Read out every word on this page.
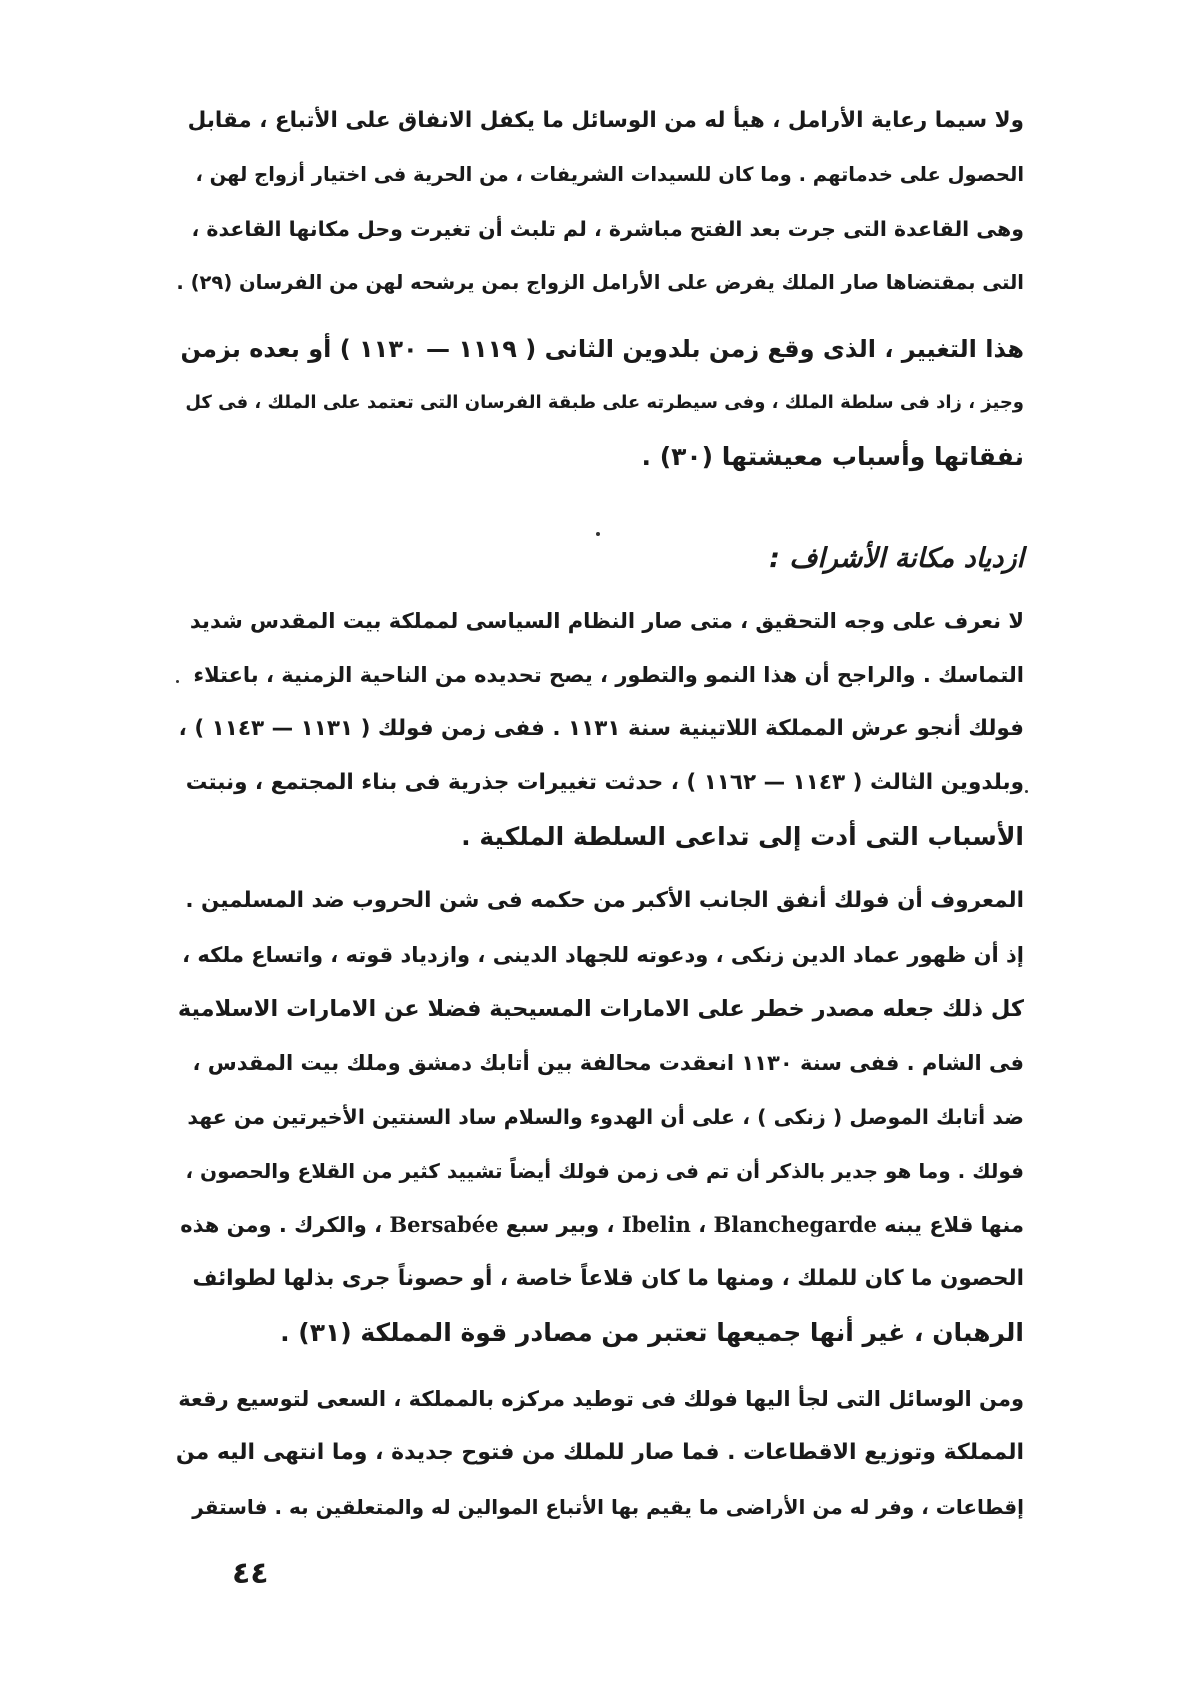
ولا سيما رعاية الأرامل ، هيأ له من الوسائل ما يكفل الانفاق على الأتباع ، مقابل
الحصول على خدماتهم . وما كان للسيدات الشريفات ، من الحرية فى اختيار أزواج لهن ،
وهى القاعدة التى جرت بعد الفتح مباشرة ، لم تلبث أن تغيرت وحل مكانها القاعدة ،
التى بمقتضاها صار الملك يفرض على الأرامل الزواج بمن يرشحه لهن من الفرسان (٢٩) .
هذا التغيير ، الذى وقع زمن بلدوين الثانى ( ١١١٩ — ١١٣٠ ) أو بعده بزمن
وجيز ، زاد فى سلطة الملك ، وفى سيطرته على طبقة الفرسان التى تعتمد على الملك ، فى كل
نفقاتها وأسباب معيشتها (٣٠) .
ازدياد مكانة الأشراف :
لا نعرف على وجه التحقيق ، متى صار النظام السياسى لمملكة بيت المقدس شديد
التماسك . والراجح أن هذا النمو والتطور ، يصح تحديده من الناحية الزمنية ، باعتلاء
فولك أنجو عرش المملكة اللاتينية سنة ١١٣١ . ففى زمن فولك ( ١١٣١ — ١١٤٣ ) ،
وبلدوين الثالث ( ١١٤٣ — ١١٦٢ ) ، حدثت تغييرات جذرية فى بناء المجتمع ، ونبتت
الأسباب التى أدت إلى تداعى السلطة الملكية .
المعروف أن فولك أنفق الجانب الأكبر من حكمه فى شن الحروب ضد المسلمين .
إذ أن ظهور عماد الدين زنكى ، ودعوته للجهاد الدينى ، وازدياد قوته ، واتساع ملكه ،
كل ذلك جعله مصدر خطر على الامارات المسيحية فضلا عن الامارات الاسلامية
فى الشام . ففى سنة ١١٣٠ انعقدت محالفة بين أتابك دمشق وملك بيت المقدس ،
ضد أتابك الموصل ( زنكى ) ، على أن الهدوء والسلام ساد السنتين الأخيرتين من عهد
فولك . وما هو جدير بالذكر أن تم فى زمن فولك أيضاً تشييد كثير من القلاع والحصون ،
منها قلاع يبنه Ibelin ، Blanchegarde ، وبير سبع Bersabée ، والكرك . ومن هذه
الحصون ما كان للملك ، ومنها ما كان قلاعاً خاصة ، أو حصوناً جرى بذلها لطوائف
الرهبان ، غير أنها جميعها تعتبر من مصادر قوة المملكة (٣١) .
ومن الوسائل التى لجأ اليها فولك فى توطيد مركزه بالمملكة ، السعى لتوسيع رقعة
المملكة وتوزيع الاقطاعات . فما صار للملك من فتوح جديدة ، وما انتهى اليه من
إقطاعات ، وفر له من الأراضى ما يقيم بها الأتباع الموالين له والمتعلقين به . فاستقر
٤٤
